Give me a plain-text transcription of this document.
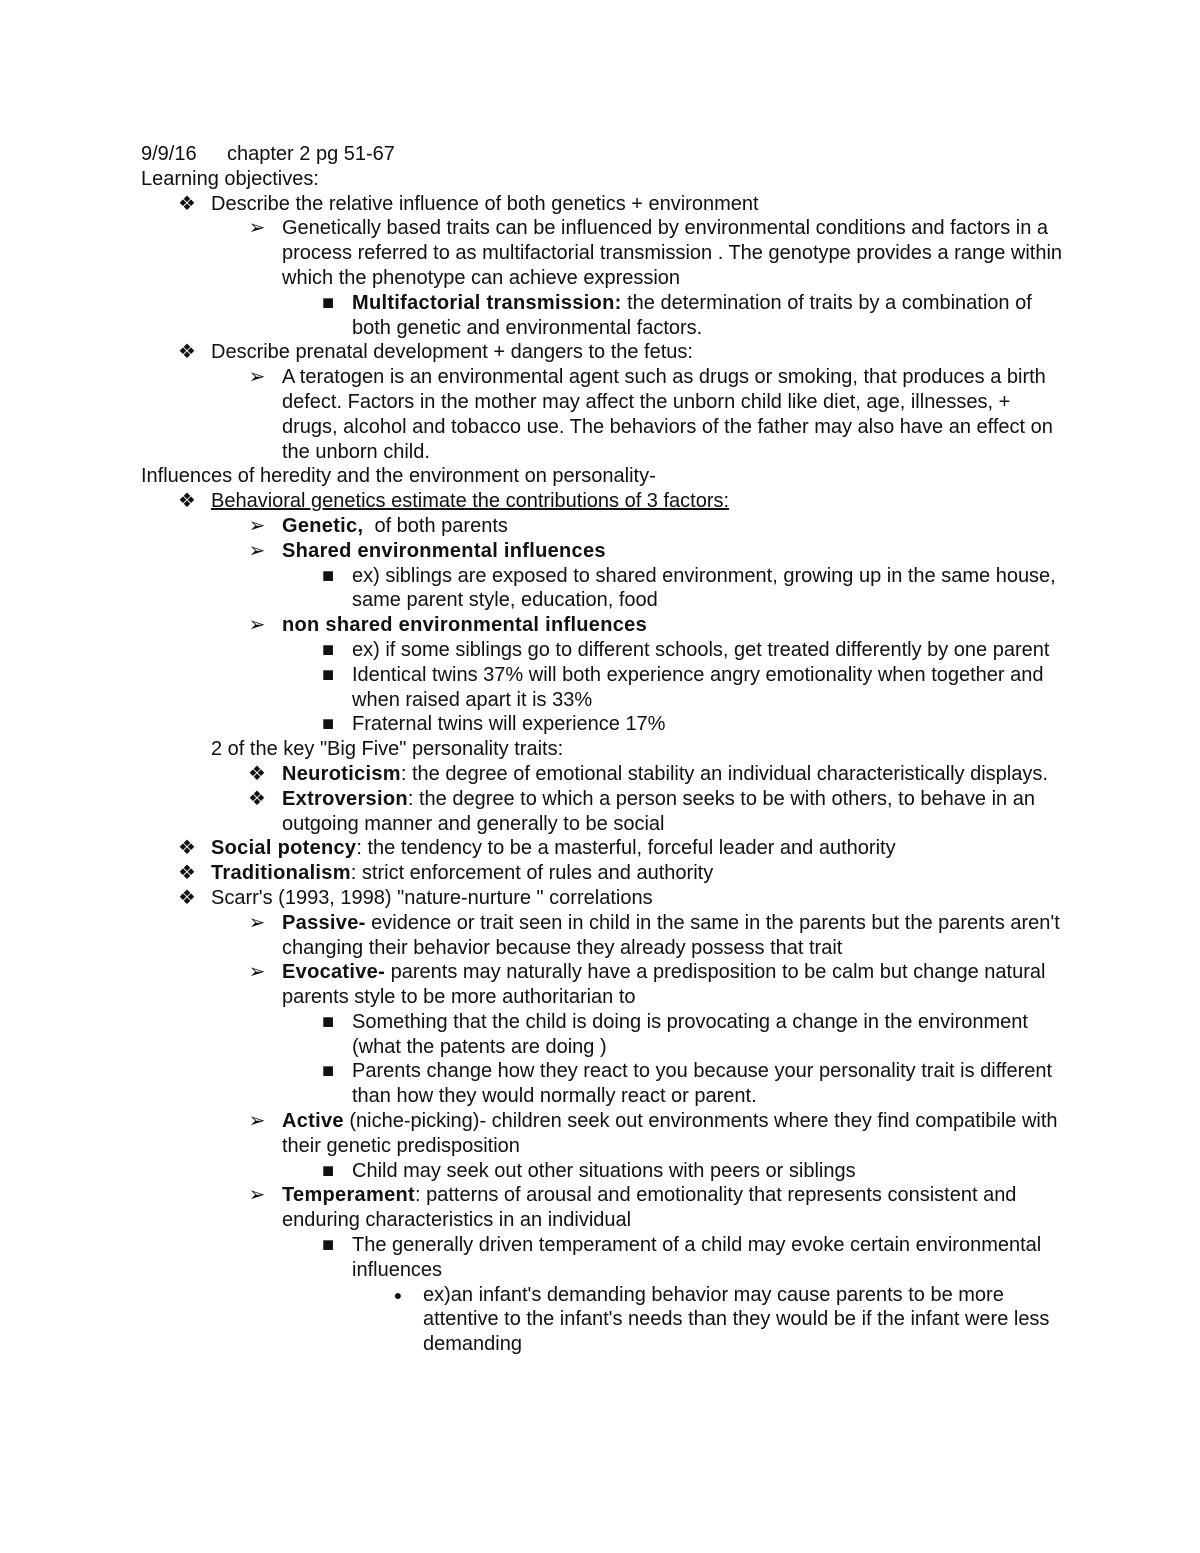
9/9/16 chapter 2 pg 51-67
Learning objectives:
❖ Describe the relative influence of both genetics + environment
➢ Genetically based traits can be influenced by environmental conditions and factors in a process referred to as multifactorial transmission . The genotype provides a range within which the phenotype can achieve expression
■ Multifactorial transmission: the determination of traits by a combination of both genetic and environmental factors.
❖ Describe prenatal development + dangers to the fetus:
➢ A teratogen is an environmental agent such as drugs or smoking, that produces a birth defect. Factors in the mother may affect the unborn child like diet, age, illnesses, + drugs, alcohol and tobacco use. The behaviors of the father may also have an effect on the unborn child.
Influences of heredity and the environment on personality-
❖ Behavioral genetics estimate the contributions of 3 factors:
➢ Genetic,  of both parents
➢ Shared environmental influences
■ ex) siblings are exposed to shared environment, growing up in the same house, same parent style, education, food
➢ non shared environmental influences
■ ex) if some siblings go to different schools, get treated differently by one parent
■ Identical twins 37% will both experience angry emotionality when together and when raised apart it is 33%
■ Fraternal twins will experience 17%
2 of the key "Big Five" personality traits:
❖ Neuroticism: the degree of emotional stability an individual characteristically displays.
❖ Extroversion: the degree to which a person seeks to be with others, to behave in an outgoing manner and generally to be social
❖ Social potency: the tendency to be a masterful, forceful leader and authority
❖ Traditionalism: strict enforcement of rules and authority
❖ Scarr's (1993, 1998) "nature-nurture " correlations
➢ Passive- evidence or trait seen in child in the same in the parents but the parents aren't changing their behavior because they already possess that trait
➢ Evocative- parents may naturally have a predisposition to be calm but change natural parents style to be more authoritarian to
■ Something that the child is doing is provocating a change in the environment (what the patents are doing )
■ Parents change how they react to you because your personality trait is different than how they would normally react or parent.
➢ Active (niche-picking)- children seek out environments where they find compatibile with their genetic predisposition
■ Child may seek out other situations with peers or siblings
➢ Temperament: patterns of arousal and emotionality that represents consistent and enduring characteristics in an individual
■ The generally driven temperament of a child may evoke certain environmental influences
●	ex)an infant's demanding behavior may cause parents to be more attentive to the infant's needs than they would be if the infant were less demanding
